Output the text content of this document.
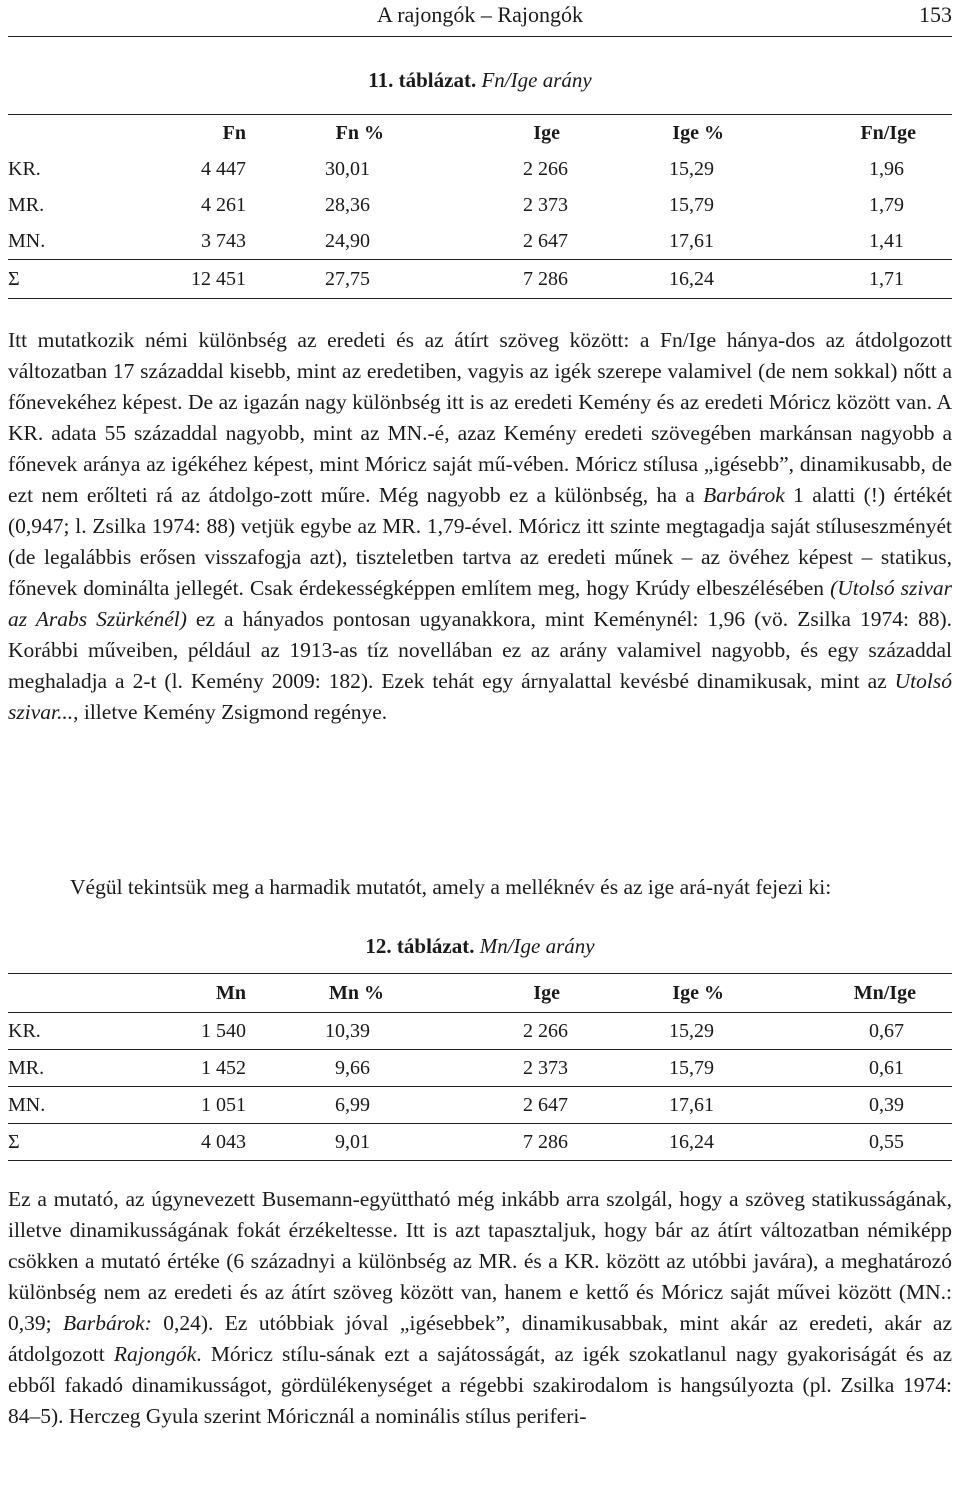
A rajongók – Rajongók	153
11. táblázat. Fn/Ige arány
	Fn	Fn %	Ige	Ige %	Fn/Ige
KR.	4 447	30,01	2 266	15,29	1,96
MR.	4 261	28,36	2 373	15,79	1,79
MN.	3 743	24,90	2 647	17,61	1,41
Σ	12 451	27,75	7 286	16,24	1,71
Itt mutatkozik némi különbség az eredeti és az átírt szöveg között: a Fn/Ige hánya-dos az átdolgozott változatban 17 századdal kisebb, mint az eredetiben, vagyis az igék szerepe valamivel (de nem sokkal) nőtt a főnevekéhez képest. De az igazán nagy különbség itt is az eredeti Kemény és az eredeti Móricz között van. A KR. adata 55 századdal nagyobb, mint az MN.-é, azaz Kemény eredeti szövegében markánsan nagyobb a főnevek aránya az igékéhez képest, mint Móricz saját mű-vében. Móricz stílusa „igésebb”, dinamikusabb, de ezt nem erőlteti rá az átdolgo-zott műre. Még nagyobb ez a különbség, ha a Barbárok 1 alatti (!) értékét (0,947; l. Zsilka 1974: 88) vetjük egybe az MR. 1,79-ével. Móricz itt szinte megtagadja saját stíluseszményét (de legalábbis erősen visszafogja azt), tiszteletben tartva az eredeti műnek – az övéhez képest – statikus, főnevek dominálta jellegét. Csak érdekességképpen említem meg, hogy Krúdy elbeszélésében (Utolsó szivar az Arabs Szürkénél) ez a hányados pontosan ugyanakkora, mint Keménynél: 1,96 (vö. Zsilka 1974: 88). Korábbi műveiben, például az 1913-as tíz novellában ez az arány valamivel nagyobb, és egy századdal meghaladja a 2-t (l. Kemény 2009: 182). Ezek tehát egy árnyalattal kevésbé dinamikusak, mint az Utolsó szivar..., illetve Kemény Zsigmond regénye.
Végül tekintsük meg a harmadik mutatót, amely a melléknév és az ige ará-nyát fejezi ki:
12. táblázat. Mn/Ige arány
	Mn	Mn %	Ige	Ige %	Mn/Ige
KR.	1 540	10,39	2 266	15,29	0,67
MR.	1 452	9,66	2 373	15,79	0,61
MN.	1 051	6,99	2 647	17,61	0,39
Σ	4 043	9,01	7 286	16,24	0,55
Ez a mutató, az úgynevezett Busemann-együttható még inkább arra szolgál, hogy a szöveg statikusságának, illetve dinamikusságának fokát érzékeltesse. Itt is azt tapasztaljuk, hogy bár az átírt változatban némiképp csökken a mutató értéke (6 századnyi a különbség az MR. és a KR. között az utóbbi javára), a meghatározó különbség nem az eredeti és az átírt szöveg között van, hanem e kettő és Móricz saját művei között (MN.: 0,39; Barbárok: 0,24). Ez utóbbiak jóval „igésebbek”, dinamikusabbak, mint akár az eredeti, akár az átdolgozott Rajongók. Móricz stílu-sának ezt a sajátosságát, az igék szokatlanul nagy gyakoriságát és az ebből fakadó dinamikusságot, gördülékenységet a régebbi szakirodalom is hangsúlyozta (pl. Zsilka 1974: 84–5). Herczeg Gyula szerint Móricznál a nominális stílus periferi-
